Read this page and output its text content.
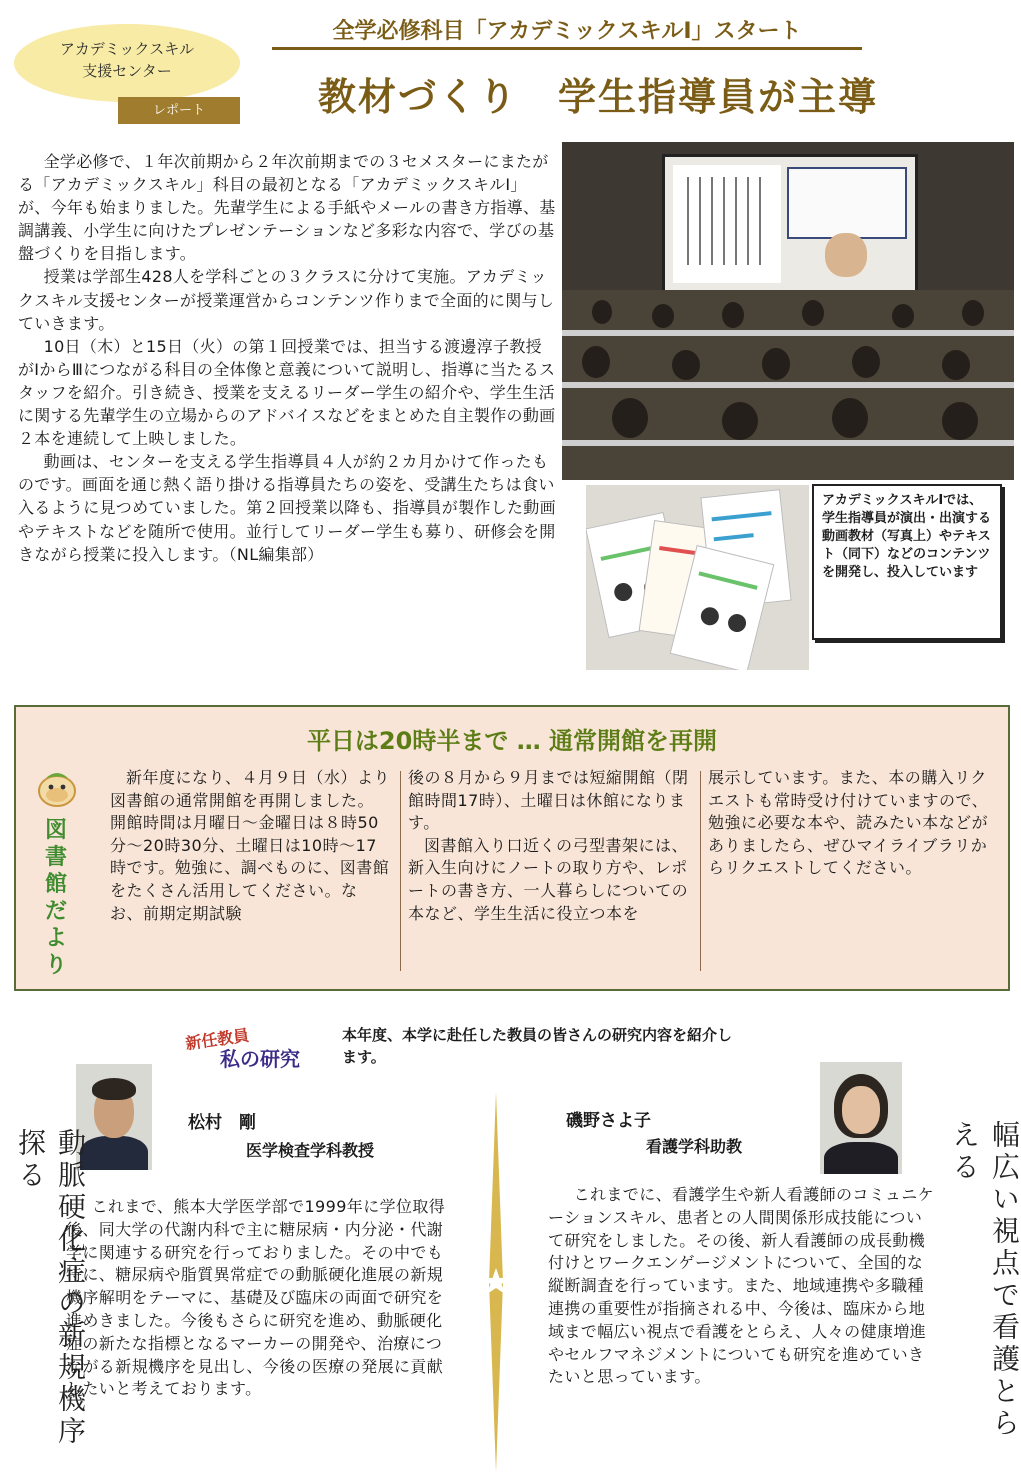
アカデミックスキル
支援センター
レポート
全学必修科目「アカデミックスキルⅠ」スタート
教材づくり　学生指導員が主導

全学必修で、１年次前期から２年次前期までの３セメスターにまたがる「アカデミックスキル」科目の最初となる「アカデミックスキルⅠ」が、今年も始まりました。先輩学生による手紙やメールの書き方指導、基調講義、小学生に向けたプレゼンテーションなど多彩な内容で、学びの基盤づくりを目指します。

授業は学部生428人を学科ごとの３クラスに分けて実施。アカデミックスキル支援センターが授業運営からコンテンツ作りまで全面的に関与していきます。

10日（木）と15日（火）の第１回授業では、担当する渡邊淳子教授がⅠからⅢにつながる科目の全体像と意義について説明し、指導に当たるスタッフを紹介。引き続き、授業を支えるリーダー学生の紹介や、学生生活に関する先輩学生の立場からのアドバイスなどをまとめた自主製作の動画２本を連続して上映しました。

動画は、センターを支える学生指導員４人が約２カ月かけて作ったものです。画面を通じ熱く語り掛ける指導員たちの姿を、受講生たちは食い入るように見つめていました。第２回授業以降も、指導員が製作した動画やテキストなどを随所で使用。並行してリーダー学生も募り、研修会を開きながら授業に投入します。（NL編集部）

アカデミックスキルⅠでは、学生指導員が演出・出演する動画教材（写真上）やテキスト（同下）などのコンテンツを開発し、投入しています
平日は20時半まで … 通常開館を再開
図書館だより

新年度になり、４月９日（水）より図書館の通常開館を再開しました。開館時間は月曜日～金曜日は８時50分～20時30分、土曜日は10時～17時です。勉強に、調べものに、図書館をたくさん活用してください。なお、前期定期試験

後の８月から９月までは短縮開館（閉館時間17時）、土曜日は休館になります。

図書館入り口近くの弓型書架には、新入生向けにノートの取り方や、レポートの書き方、一人暮らしについての本など、学生生活に役立つ本を

展示しています。また、本の購入リクエストも常時受け付けていますので、勉強に必要な本や、読みたい本などがありましたら、ぜひマイライブラリからリクエストしてください。

新任教員
私の研究
本年度、本学に赴任した教員の皆さんの研究内容を紹介します。
松村　剛
医学検査学科教授
動脈硬化症の新規機序探る

これまで、熊本大学医学部で1999年に学位取得後、同大学の代謝内科で主に糖尿病・内分泌・代謝学に関連する研究を行っておりました。その中でも特に、糖尿病や脂質異常症での動脈硬化進展の新規機序解明をテーマに、基礎及び臨床の両面で研究を進めきました。今後もさらに研究を進め、動脈硬化症の新たな指標となるマーカーの開発や、治療につながる新規機序を見出し、今後の医療の発展に貢献したいと考えております。

磯野さよ子
看護学科助教	幅広い視点で看護とらえる

これまでに、看護学生や新人看護師のコミュニケーションスキル、患者との人間関係形成技能について研究をしました。その後、新人看護師の成長動機付けとワークエンゲージメントについて、全国的な縦断調査を行っています。また、地域連携や多職種連携の重要性が指摘される中、今後は、臨床から地域まで幅広い視点で看護をとらえ、人々の健康増進やセルフマネジメントについても研究を進めていきたいと思っています。
